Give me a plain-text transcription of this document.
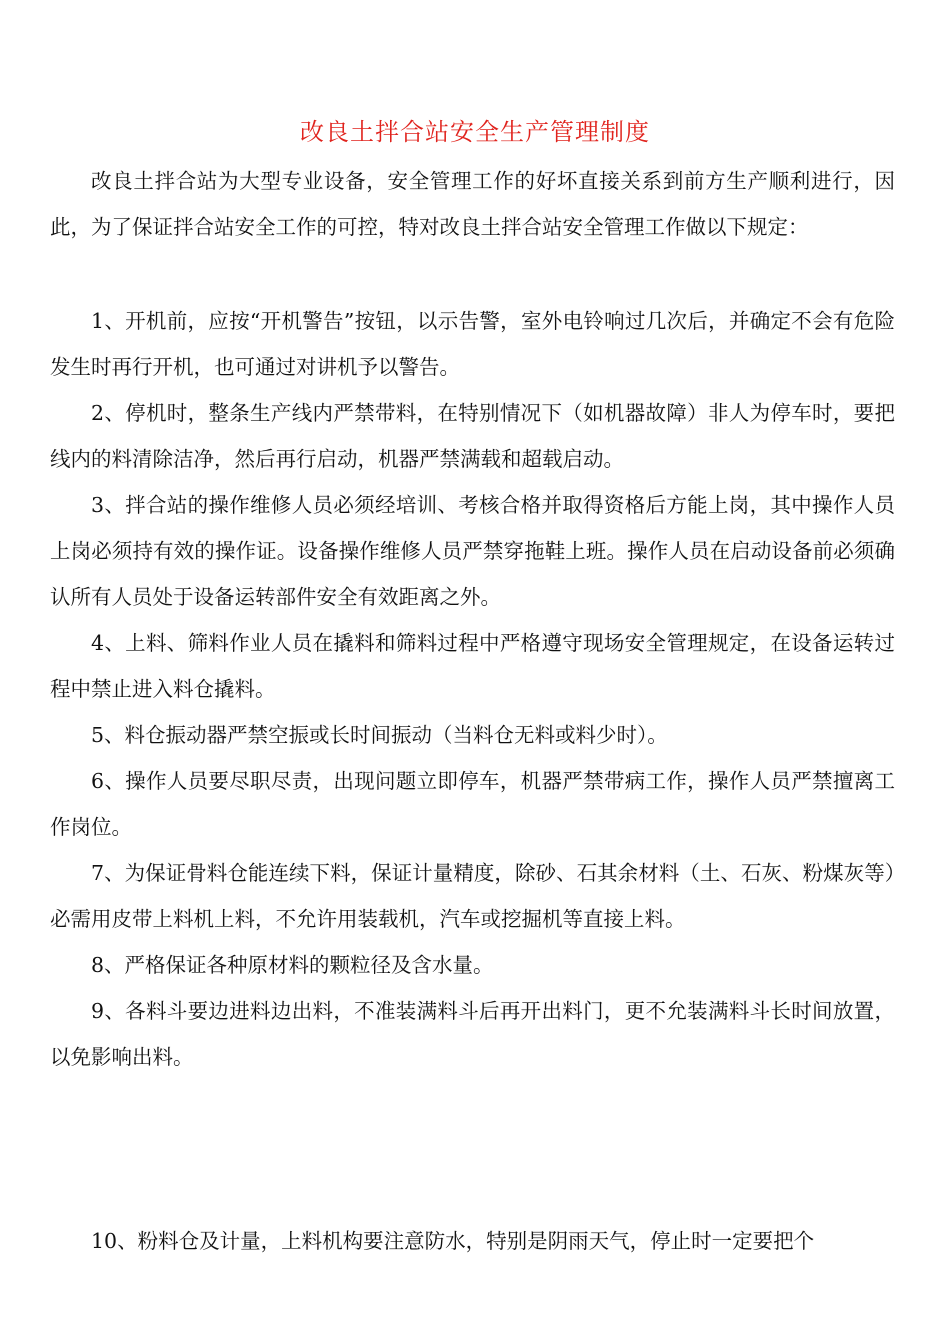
改良土拌合站安全生产管理制度

改良土拌合站为大型专业设备，安全管理工作的好坏直接关系到前方生产顺利进行，因此，为了保证拌合站安全工作的可控，特对改良土拌合站安全管理工作做以下规定：

1、开机前，应按“开机警告”按钮，以示告警，室外电铃响过几次后，并确定不会有危险发生时再行开机，也可通过对讲机予以警告。

2、停机时，整条生产线内严禁带料，在特别情况下（如机器故障）非人为停车时，要把线内的料清除洁净，然后再行启动，机器严禁满载和超载启动。

3、拌合站的操作维修人员必须经培训、考核合格并取得资格后方能上岗，其中操作人员上岗必须持有效的操作证。设备操作维修人员严禁穿拖鞋上班。操作人员在启动设备前必须确认所有人员处于设备运转部件安全有效距离之外。

4、上料、筛料作业人员在撬料和筛料过程中严格遵守现场安全管理规定，在设备运转过程中禁止进入料仓撬料。

5、料仓振动器严禁空振或长时间振动（当料仓无料或料少时）。

6、操作人员要尽职尽责，出现问题立即停车，机器严禁带病工作，操作人员严禁擅离工作岗位。

7、为保证骨料仓能连续下料，保证计量精度，除砂、石其余材料（土、石灰、粉煤灰等）必需用皮带上料机上料，不允许用装载机，汽车或挖掘机等直接上料。

8、严格保证各种原材料的颗粒径及含水量。

9、各料斗要边进料边出料，不准装满料斗后再开出料门，更不允装满料斗长时间放置，以免影响出料。

10、粉料仓及计量，上料机构要注意防水，特别是阴雨天气，停止时一定要把个
